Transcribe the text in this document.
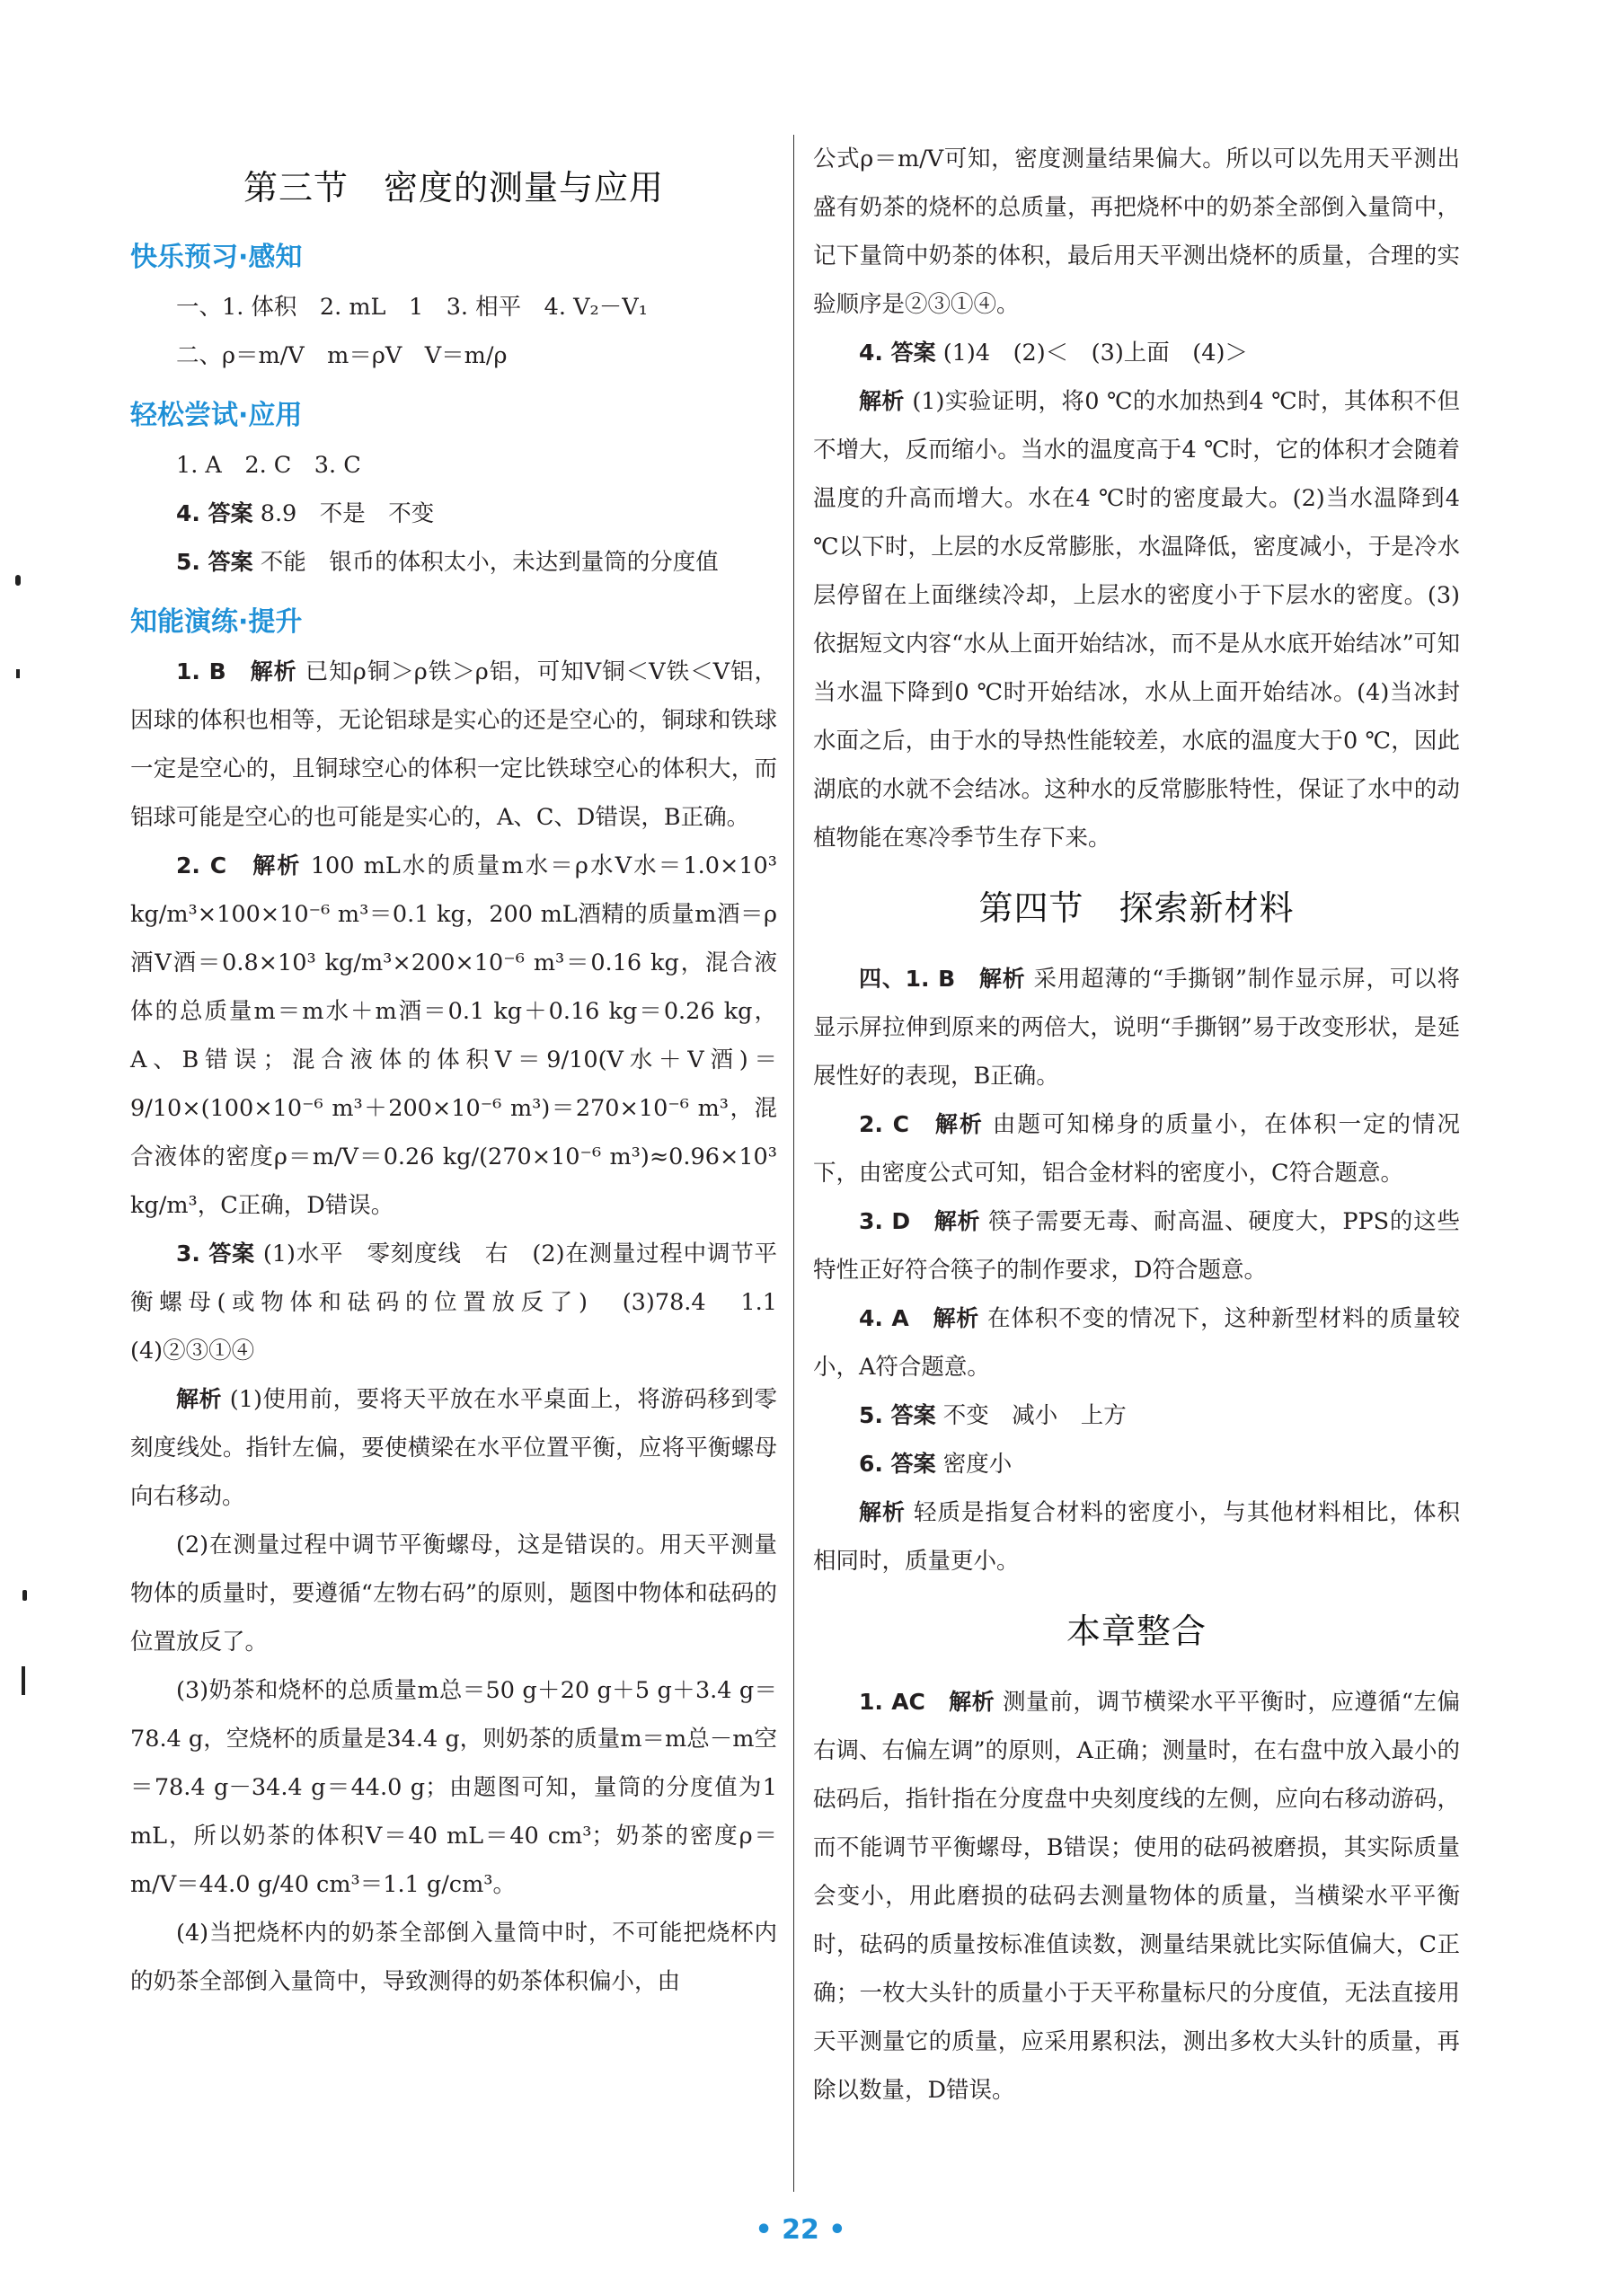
第三节　密度的测量与应用
快乐预习·感知

一、1. 体积　2. mL　1　3. 相平　4. V₂－V₁

二、ρ＝m/V　m＝ρV　V＝m/ρ

轻松尝试·应用

1. A　2. C　3. C

4. 答案 8.9　不是　不变

5. 答案 不能　银币的体积太小，未达到量筒的分度值

知能演练·提升

1. B　解析 已知ρ铜＞ρ铁＞ρ铝，可知V铜＜V铁＜V铝，因球的体积也相等，无论铝球是实心的还是空心的，铜球和铁球一定是空心的，且铜球空心的体积一定比铁球空心的体积大，而铝球可能是空心的也可能是实心的，A、C、D错误，B正确。

2. C　解析 100 mL水的质量m水＝ρ水V水＝1.0×10³ kg/m³×100×10⁻⁶ m³＝0.1 kg，200 mL酒精的质量m酒＝ρ酒V酒＝0.8×10³ kg/m³×200×10⁻⁶ m³＝0.16 kg，混合液体的总质量m＝m水＋m酒＝0.1 kg＋0.16 kg＝0.26 kg，A、B错误；混合液体的体积V＝9/10(V水＋V酒)＝9/10×(100×10⁻⁶ m³＋200×10⁻⁶ m³)＝270×10⁻⁶ m³，混合液体的密度ρ＝m/V＝0.26 kg/(270×10⁻⁶ m³)≈0.96×10³ kg/m³，C正确，D错误。

3. 答案 (1)水平　零刻度线　右　(2)在测量过程中调节平衡螺母(或物体和砝码的位置放反了)　(3)78.4　1.1　(4)②③①④

解析 (1)使用前，要将天平放在水平桌面上，将游码移到零刻度线处。指针左偏，要使横梁在水平位置平衡，应将平衡螺母向右移动。

(2)在测量过程中调节平衡螺母，这是错误的。用天平测量物体的质量时，要遵循“左物右码”的原则，题图中物体和砝码的位置放反了。

(3)奶茶和烧杯的总质量m总＝50 g＋20 g＋5 g＋3.4 g＝78.4 g，空烧杯的质量是34.4 g，则奶茶的质量m＝m总－m空＝78.4 g－34.4 g＝44.0 g；由题图可知，量筒的分度值为1 mL，所以奶茶的体积V＝40 mL＝40 cm³；奶茶的密度ρ＝m/V＝44.0 g/40 cm³＝1.1 g/cm³。

(4)当把烧杯内的奶茶全部倒入量筒中时，不可能把烧杯内的奶茶全部倒入量筒中，导致测得的奶茶体积偏小，由

公式ρ＝m/V可知，密度测量结果偏大。所以可以先用天平测出盛有奶茶的烧杯的总质量，再把烧杯中的奶茶全部倒入量筒中，记下量筒中奶茶的体积，最后用天平测出烧杯的质量，合理的实验顺序是②③①④。

4. 答案 (1)4　(2)＜　(3)上面　(4)＞

解析 (1)实验证明，将0 ℃的水加热到4 ℃时，其体积不但不增大，反而缩小。当水的温度高于4 ℃时，它的体积才会随着温度的升高而增大。水在4 ℃时的密度最大。(2)当水温降到4 ℃以下时，上层的水反常膨胀，水温降低，密度减小，于是冷水层停留在上面继续冷却，上层水的密度小于下层水的密度。(3)依据短文内容“水从上面开始结冰，而不是从水底开始结冰”可知当水温下降到0 ℃时开始结冰，水从上面开始结冰。(4)当冰封水面之后，由于水的导热性能较差，水底的温度大于0 ℃，因此湖底的水就不会结冰。这种水的反常膨胀特性，保证了水中的动植物能在寒冷季节生存下来。

第四节　探索新材料

四、1. B　解析 采用超薄的“手撕钢”制作显示屏，可以将显示屏拉伸到原来的两倍大，说明“手撕钢”易于改变形状，是延展性好的表现，B正确。

2. C　解析 由题可知梯身的质量小，在体积一定的情况下，由密度公式可知，铝合金材料的密度小，C符合题意。

3. D　解析 筷子需要无毒、耐高温、硬度大，PPS的这些特性正好符合筷子的制作要求，D符合题意。

4. A　解析 在体积不变的情况下，这种新型材料的质量较小，A符合题意。

5. 答案 不变　减小　上方

6. 答案 密度小

解析 轻质是指复合材料的密度小，与其他材料相比，体积相同时，质量更小。

本章整合

1. AC　解析 测量前，调节横梁水平平衡时，应遵循“左偏右调、右偏左调”的原则，A正确；测量时，在右盘中放入最小的砝码后，指针指在分度盘中央刻度线的左侧，应向右移动游码，而不能调节平衡螺母，B错误；使用的砝码被磨损，其实际质量会变小，用此磨损的砝码去测量物体的质量，当横梁水平平衡时，砝码的质量按标准值读数，测量结果就比实际值偏大，C正确；一枚大头针的质量小于天平称量标尺的分度值，无法直接用天平测量它的质量，应采用累积法，测出多枚大头针的质量，再除以数量，D错误。

• 22 •
